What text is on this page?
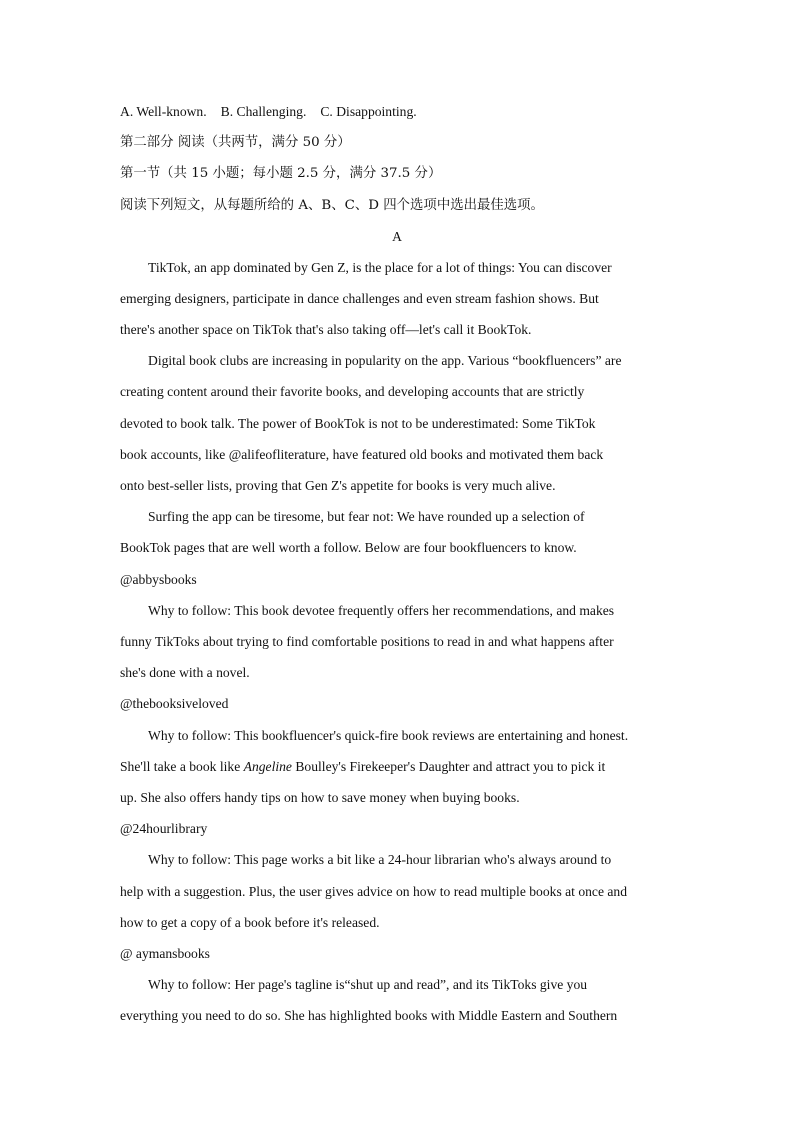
A. Well-known. B. Challenging. C. Disappointing.
第二部分 阅读（共两节，满分 50 分）
第一节（共 15 小题；每小题 2.5 分，满分 37.5 分）
阅读下列短文，从每题所给的 A、B、C、D 四个选项中选出最佳选项。
A
TikTok, an app dominated by Gen Z, is the place for a lot of things: You can discover
emerging designers, participate in dance challenges and even stream fashion shows. But
there's another space on TikTok that's also taking off—let's call it BookTok.
Digital book clubs are increasing in popularity on the app. Various “bookfluencers” are
creating content around their favorite books, and developing accounts that are strictly
devoted to book talk. The power of BookTok is not to be underestimated: Some TikTok
book accounts, like @alifeofliterature, have featured old books and motivated them back
onto best-seller lists, proving that Gen Z's appetite for books is very much alive.
Surfing the app can be tiresome, but fear not: We have rounded up a selection of
BookTok pages that are well worth a follow. Below are four bookfluencers to know.
@abbysbooks
Why to follow: This book devotee frequently offers her recommendations, and makes
funny TikToks about trying to find comfortable positions to read in and what happens after
she's done with a novel.
@thebooksiveloved
Why to follow: This bookfluencer's quick-fire book reviews are entertaining and honest.
She'll take a book like Angeline Boulley's Firekeeper's Daughter and attract you to pick it
up. She also offers handy tips on how to save money when buying books.
@24hourlibrary
Why to follow: This page works a bit like a 24-hour librarian who's always around to
help with a suggestion. Plus, the user gives advice on how to read multiple books at once and
how to get a copy of a book before it's released.
@ aymansbooks
Why to follow: Her page's tagline is“shut up and read”, and its TikToks give you
everything you need to do so. She has highlighted books with Middle Eastern and Southern
